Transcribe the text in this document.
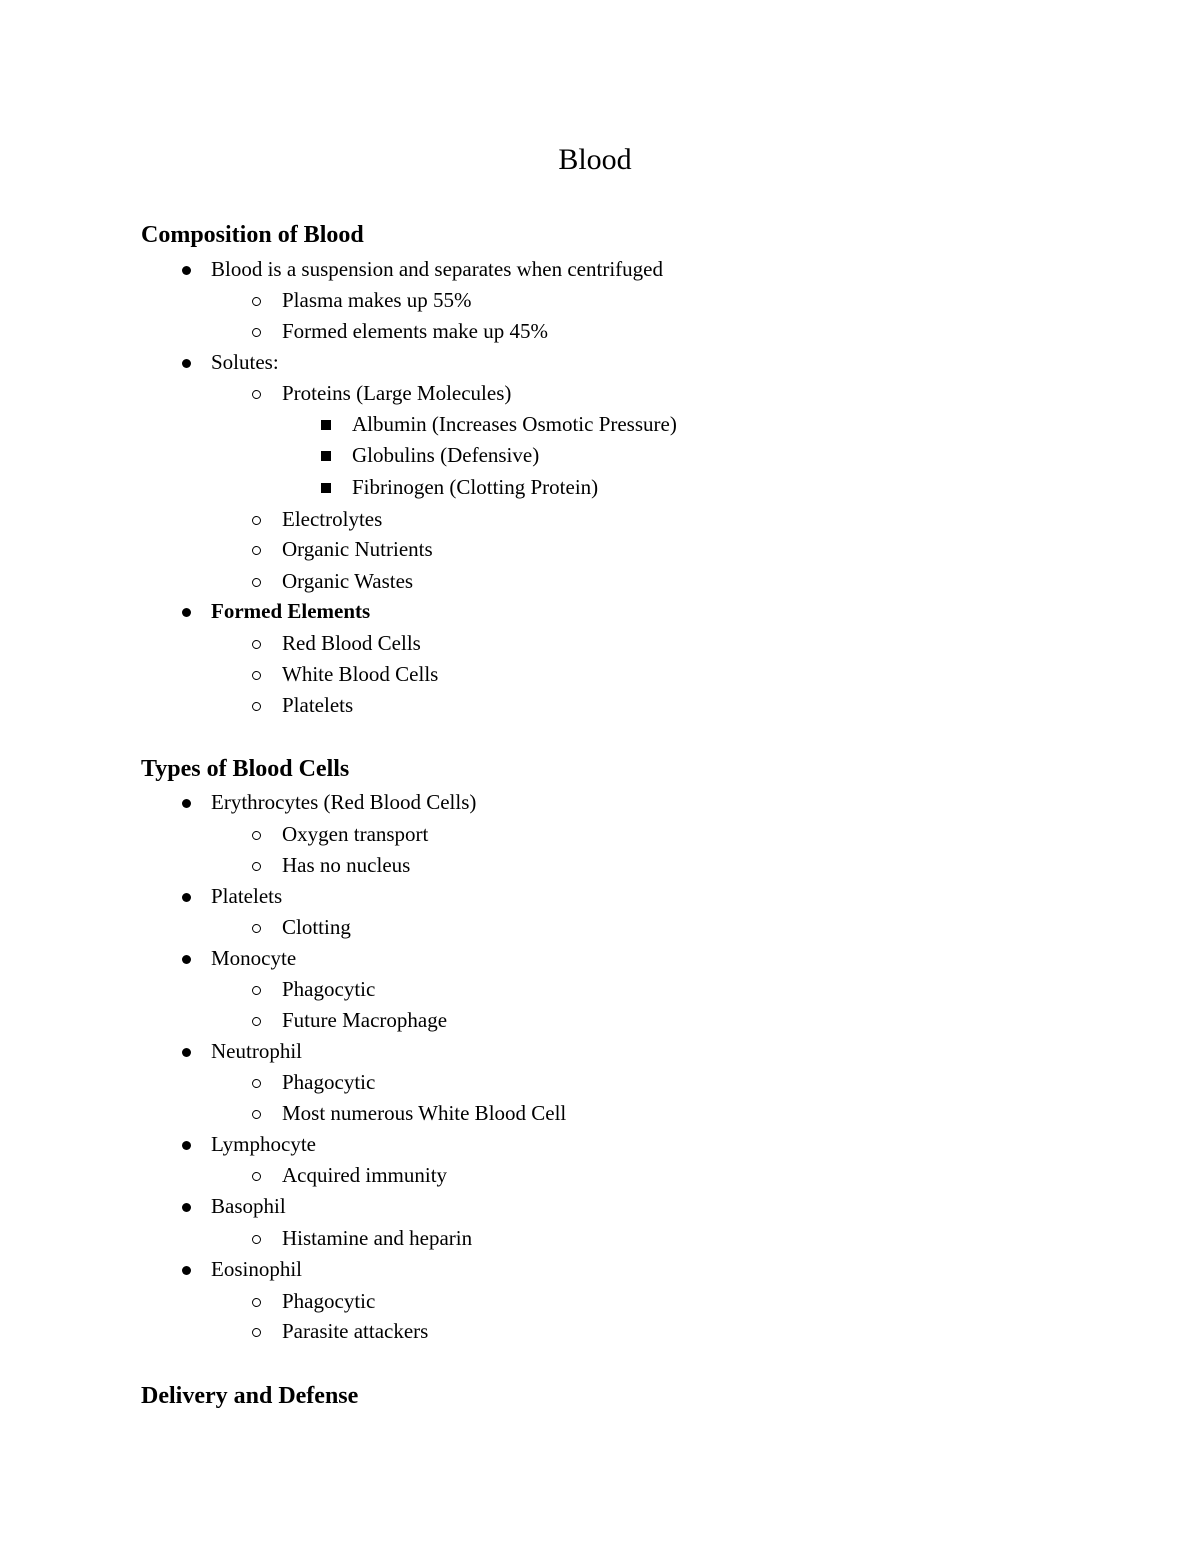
Blood
Composition of Blood
Blood is a suspension and separates when centrifuged
Plasma makes up 55%
Formed elements make up 45%
Solutes:
Proteins (Large Molecules)
Albumin (Increases Osmotic Pressure)
Globulins (Defensive)
Fibrinogen (Clotting Protein)
Electrolytes
Organic Nutrients
Organic Wastes
Formed Elements
Red Blood Cells
White Blood Cells
Platelets
Types of Blood Cells
Erythrocytes (Red Blood Cells)
Oxygen transport
Has no nucleus
Platelets
Clotting
Monocyte
Phagocytic
Future Macrophage
Neutrophil
Phagocytic
Most numerous White Blood Cell
Lymphocyte
Acquired immunity
Basophil
Histamine and heparin
Eosinophil
Phagocytic
Parasite attackers
Delivery and Defense
